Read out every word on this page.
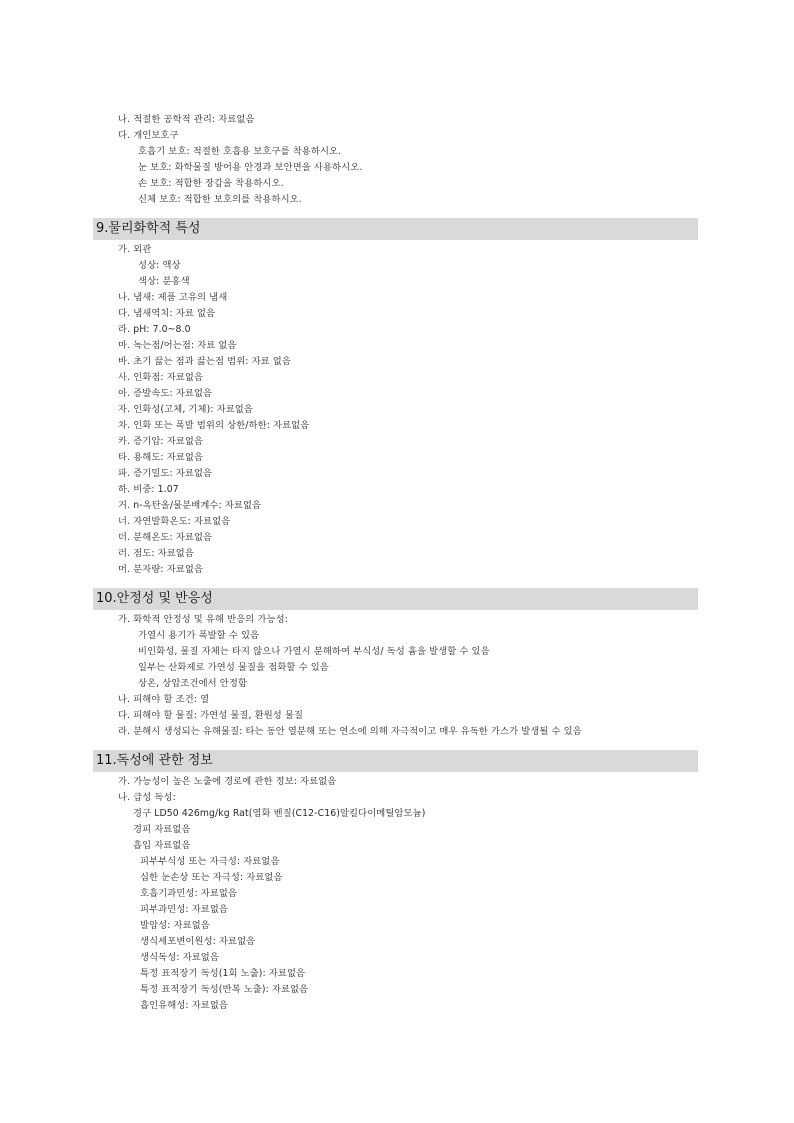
나. 적절한 공학적 관리: 자료없음
다. 개인보호구
호흡기 보호: 적절한 호흡용 보호구를 착용하시오.
눈 보호: 화학물질 방어용 안경과 보안면을 사용하시오.
손 보호: 적합한 장갑을 착용하시오.
신체 보호: 적합한 보호의를 착용하시오.
9.물리화학적 특성
가. 외관
성상: 액상
색상: 분홍색
나. 냄새: 제품 고유의 냄새
다. 냄새역치: 자료 없음
라. pH: 7.0~8.0
마. 녹는점/어는점: 자료 없음
바. 초기 끓는 점과 끓는점 범위: 자료 없음
사. 인화점: 자료없음
아. 증발속도: 자료없음
자. 인화성(고체, 기체): 자료없음
차. 인화 또는 폭발 범위의 상한/하한: 자료없음
카. 증기압: 자료없음
타. 용해도: 자료없음
파. 증기밀도: 자료없음
하. 비중: 1.07
거. n-옥탄올/물분배계수: 자료없음
너. 자연발화온도: 자료없음
더. 분해온도: 자료없음
러. 점도: 자료없음
머. 분자량: 자료없음
10.안정성 및 반응성
가. 화학적 안정성 및 유해 반응의 가능성:
가열시 용기가 폭발할 수 있음
비인화성, 물질 자체는 타지 않으나 가열시 분해하여 부식성/ 독성 흄을 발생할 수 있음
일부는 산화제로 가연성 물질을 점화할 수 있음
상온, 상압조건에서 안정함
나. 피해야 할 조건: 열
다. 피해야 할 물질: 가연성 물질, 환원성 물질
라. 분해시 생성되는 유해물질: 타는 동안 열분해 또는 연소에 의해 자극적이고 매우 유독한 가스가 발생될 수 있음
11.독성에 관한 정보
가. 가능성이 높은 노출에 경로에 관한 정보: 자료없음
나. 급성 독성:
경구 LD50 426mg/kg Rat(염화 벤질(C12-C16)알킬다이메틸암모늄)
경피 자료없음
흡입 자료없음
피부부식성 또는 자극성: 자료없음
심한 눈손상 또는 자극성: 자료없음
호흡기과민성: 자료없음
피부과민성: 자료없음
발암성: 자료없음
생식세포변이원성: 자료없음
생식독성: 자료없음
특정 표적장기 독성(1회 노출): 자료없음
특정 표적장기 독성(반복 노출): 자료없음
흡인유해성: 자료없음
